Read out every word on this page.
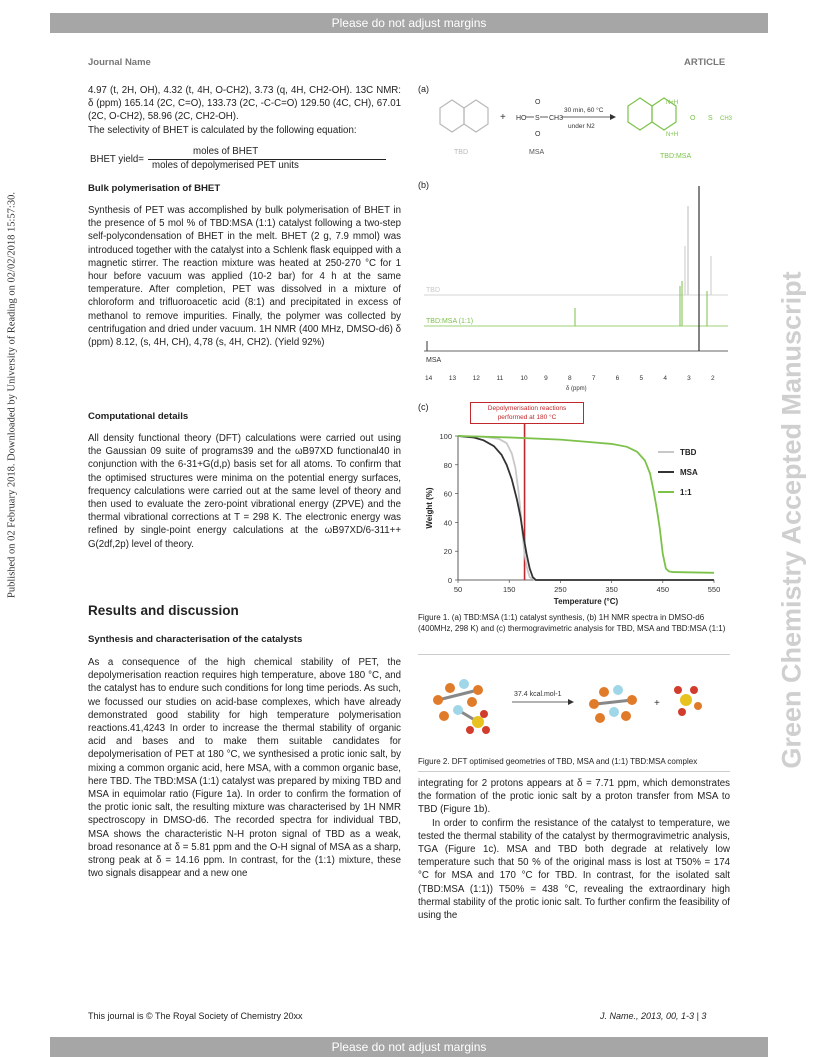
Please do not adjust margins
Journal Name	ARTICLE
Published on 02 February 2018. Downloaded by University of Reading on 02/02/2018 15:57:30.	Green Chemistry Accepted Manuscript

4.97 (t, 2H, OH), 4.32 (t, 4H, O-CH2), 3.73 (q, 4H, CH2-OH). 13C NMR: δ (ppm) 165.14 (2C, C=O), 133.73 (2C, -C-C=O) 129.50 (4C, CH), 67.01 (2C, O-CH2), 58.96 (2C, CH2-OH).

The selectivity of BHET is calculated by the following equation:

BHET yield=
moles of BHET
moles of depolymerised PET units
Bulk polymerisation of BHET

Synthesis of PET was accomplished by bulk polymerisation of BHET in the presence of 5 mol % of TBD:MSA (1:1) catalyst following a two-step self-polycondensation of BHET in the melt. BHET (2 g, 7.9 mmol) was introduced together with the catalyst into a Schlenk flask equipped with a magnetic stirrer. The reaction mixture was heated at 250-270 °C for 1 hour before vacuum was applied (10-2 bar) for 4 h at the same temperature. After completion, PET was dissolved in a mixture of chloroform and trifluoroacetic acid (8:1) and precipitated in excess of methanol to remove impurities. Finally, the polymer was collected by centrifugation and dried under vacuum. 1H NMR (400 MHz, DMSO-d6) δ (ppm) 8.12, (s, 4H, CH), 4,78 (s, 4H, CH2). (Yield 92%)

Computational details

All density functional theory (DFT) calculations were carried out using the Gaussian 09 suite of programs39 and the ωB97XD functional40 in conjunction with the 6-31+G(d,p) basis set for all atoms. To confirm that the optimised structures were minima on the potential energy surfaces, frequency calculations were carried out at the same level of theory and then used to evaluate the zero-point vibrational energy (ZPVE) and the thermal vibrational corrections at T = 298 K. The electronic energy was refined by single-point energy calculations at the ωB97XD/6-311++ G(2df,2p) level of theory.

Results and discussion
Synthesis and characterisation of the catalysts

As a consequence of the high chemical stability of PET, the depolymerisation reaction requires high temperature, above 180 °C, and the catalyst has to endure such conditions for long time periods. As such, we focussed our studies on acid-base complexes, which have already demonstrated good stability for high temperature polymerisation reactions.41,4243 In order to increase the thermal stability of organic acid and bases and to make them suitable candidates for depolymerisation of PET at 180 °C, we synthesised a protic ionic salt, by mixing a common organic acid, here MSA, with a common organic base, here TBD. The TBD:MSA (1:1) catalyst was prepared by mixing TBD and MSA in equimolar ratio (Figure 1a). In order to confirm the formation of the protic ionic salt, the resulting mixture was characterised by 1H NMR spectroscopy in DMSO-d6. The recorded spectra for individual TBD, MSA shows the characteristic N-H proton signal of TBD as a weak, broad resonance at δ = 5.81 ppm and the O-H signal of MSA as a sharp, strong peak at δ = 14.16 ppm. In contrast, for the (1:1) mixture, these two signals disappear and a new one

(a)
(b)
(c)
TBD
+ HO S CH3
O
O
MSA
30 min, 60 °C
under N2
N+H
N+H
O S CH3
TBD:MSA
TBD
TBD:MSA (1:1)
MSA
14	13	12	11	10	9	8	7	6	5	4	3	2
δ (ppm)
Depolymerisation reactions performed at 180 °C
50	150	250	350	450	550
0
20
40
60
80
100
Temperature (°C)
Weight (%)
TBD
MSA
1:1
Figure 1. (a) TBD:MSA (1:1) catalyst synthesis, (b) 1H NMR spectra in DMSO-d6 (400MHz, 298 K) and (c) thermogravimetric analysis for TBD, MSA and TBD:MSA (1:1)
37.4 kcal.mol-1
+
Figure 2. DFT optimised geometries of TBD, MSA and (1:1) TBD:MSA complex

integrating for 2 protons appears at δ = 7.71 ppm, which demonstrates the formation of the protic ionic salt by a proton transfer from MSA to TBD (Figure 1b).

In order to confirm the resistance of the catalyst to temperature, we tested the thermal stability of the catalyst by thermogravimetric analysis, TGA (Figure 1c). MSA and TBD both degrade at relatively low temperature such that 50 % of the original mass is lost at T50% = 174 °C for MSA and 170 °C for TBD. In contrast, for the isolated salt (TBD:MSA (1:1)) T50% = 438 °C, revealing the extraordinary high thermal stability of the protic ionic salt. To further confirm the feasibility of using the

This journal is © The Royal Society of Chemistry 20xx	J. Name., 2013, 00, 1-3 | 3
Please do not adjust margins
